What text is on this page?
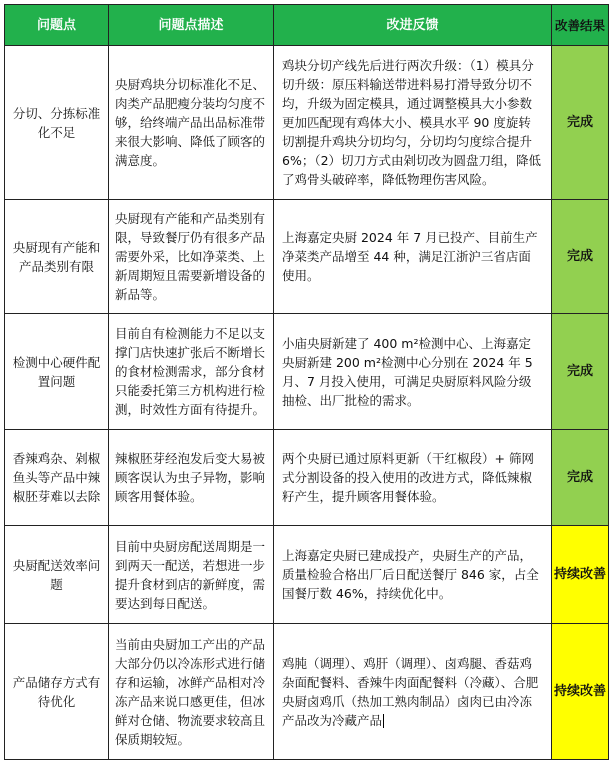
问题点	问题点描述	改进反馈	改善结果
分切、分拣标准化不足	央厨鸡块分切标准化不足、肉类产品肥瘦分装均匀度不够，给终端产品出品标准带来很大影响、降低了顾客的满意度。	鸡块分切产线先后进行两次升级：（1）模具分切升级：原压料输送带进料易打滑导致分切不均，升级为固定模具，通过调整模具大小参数更加匹配现有鸡体大小、模具水平 90 度旋转切割提升鸡块分切均匀，分切均匀度综合提升 6%；（2）切刀方式由剁切改为圆盘刀组，降低了鸡骨头破碎率，降低物理伤害风险。	完成
央厨现有产能和产品类别有限	央厨现有产能和产品类别有限，导致餐厅仍有很多产品需要外采，比如净菜类、上新周期短且需要新增设备的新品等。	上海嘉定央厨 2024 年 7 月已投产、目前生产净菜类产品增至 44 种，满足江浙沪三省店面使用。	完成
检测中心硬件配置问题	目前自有检测能力不足以支撑门店快速扩张后不断增长的食材检测需求，部分食材只能委托第三方机构进行检测，时效性方面有待提升。	小庙央厨新建了 400 m²检测中心、上海嘉定央厨新建 200 m²检测中心分别在 2024 年 5 月、7 月投入使用，可满足央厨原料风险分级抽检、出厂批检的需求。	完成
香辣鸡杂、剁椒鱼头等产品中辣椒胚芽难以去除	辣椒胚芽经泡发后变大易被顾客误认为虫子异物，影响顾客用餐体验。	两个央厨已通过原料更新（干红椒段）+ 筛网式分割设备的投入使用的改进方式，降低辣椒籽产生，提升顾客用餐体验。	完成
央厨配送效率问题	目前中央厨房配送周期是一到两天一配送，若想进一步提升食材到店的新鲜度，需要达到每日配送。	上海嘉定央厨已建成投产，央厨生产的产品，质量检验合格出厂后日配送餐厅 846 家，占全国餐厅数 46%，持续优化中。	持续改善
产品储存方式有待优化	当前由央厨加工产出的产品大部分仍以冷冻形式进行储存和运输，冰鲜产品相对冷冻产品来说口感更佳，但冰鲜对仓储、物流要求较高且保质期较短。	鸡肫（调理）、鸡肝（调理）、卤鸡腿、香菇鸡杂面配餐料、香辣牛肉面配餐料（冷藏）、合肥央厨卤鸡爪（热加工熟肉制品）卤肉已由冷冻产品改为冷藏产品	持续改善
